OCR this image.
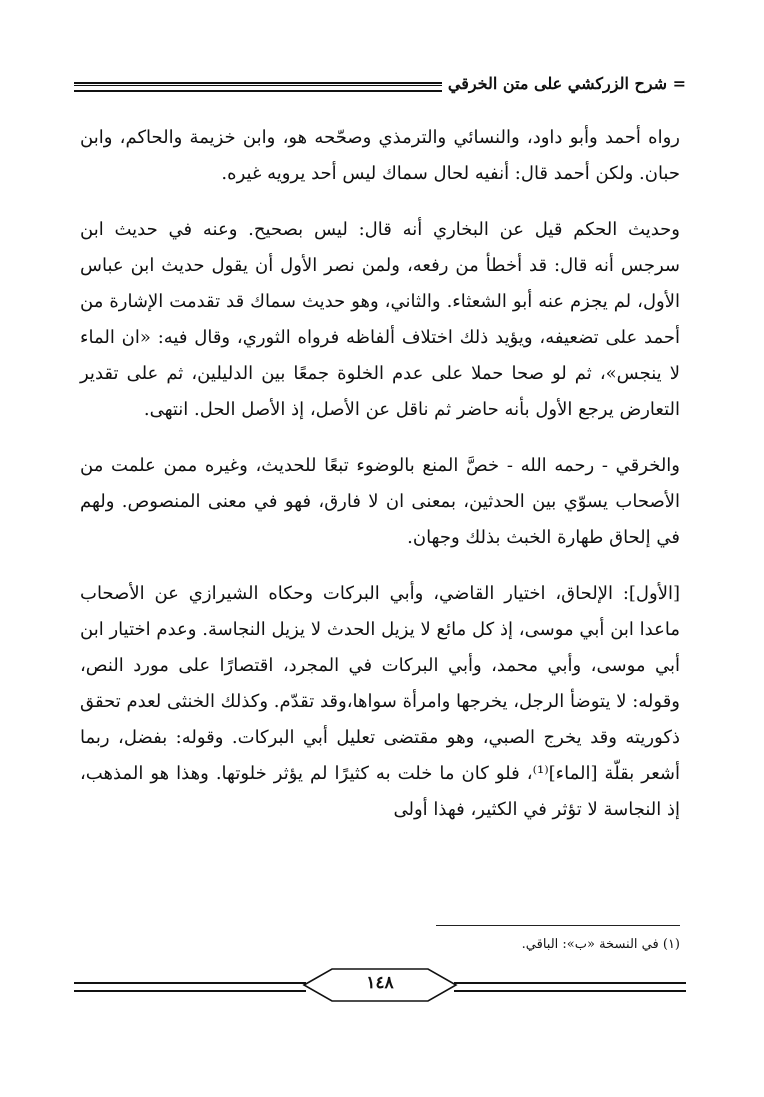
= شرح الزركشي على متن الخرقي

رواه أحمد وأبو داود، والنسائي والترمذي وصحّحه هو، وابن خزيمة والحاكم، وابن حبان. ولكن أحمد قال: أنفيه لحال سماك ليس أحد يرويه غيره.

وحديث الحكم قيل عن البخاري أنه قال: ليس بصحيح. وعنه في حديث ابن سرجس أنه قال: قد أخطأ من رفعه، ولمن نصر الأول أن يقول حديث ابن عباس الأول، لم يجزم عنه أبو الشعثاء. والثاني، وهو حديث سماك قد تقدمت الإشارة من أحمد على تضعيفه، ويؤيد ذلك اختلاف ألفاظه فرواه الثوري، وقال فيه: «ان الماء لا ينجس»، ثم لو صحا حملا على عدم الخلوة جمعًا بين الدليلين، ثم على تقدير التعارض يرجع الأول بأنه حاضر ثم ناقل عن الأصل، إذ الأصل الحل. انتهى.

والخرقي - رحمه الله - خصَّ المنع بالوضوء تبعًا للحديث، وغيره ممن علمت من الأصحاب يسوّي بين الحدثين، بمعنى ان لا فارق، فهو في معنى المنصوص. ولهم في إلحاق طهارة الخبث بذلك وجهان.

[الأول]: الإلحاق، اختيار القاضي، وأبي البركات وحكاه الشيرازي عن الأصحاب ماعدا ابن أبي موسى، إذ كل مائع لا يزيل الحدث لا يزيل النجاسة. وعدم اختيار ابن أبي موسى، وأبي محمد، وأبي البركات في المجرد، اقتصارًا على مورد النص، وقوله: لا يتوضأ الرجل، يخرجها وامرأة سواها،وقد تقدّم. وكذلك الخنثى لعدم تحقق ذكوريته وقد يخرج الصبي، وهو مقتضى تعليل أبي البركات. وقوله: بفضل، ربما أشعر بقلّة [الماء]⁽¹⁾، فلو كان ما خلت به كثيرًا لم يؤثر خلوتها. وهذا هو المذهب، إذ النجاسة لا تؤثر في الكثير، فهذا أولى

(١) في النسخة «ب»: الباقي.
١٤٨
